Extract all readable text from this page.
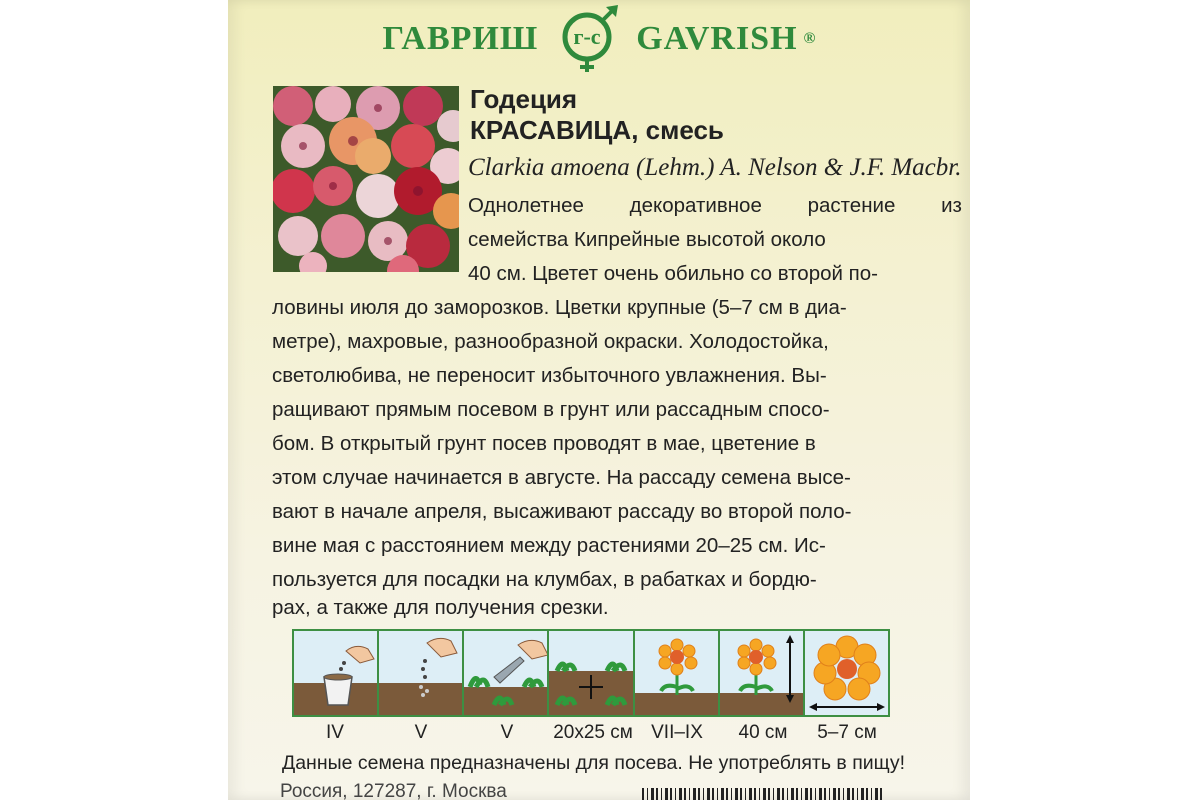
ГАВРИШ г-с GAVRISH ®
Годеция
КРАСАВИЦА, смесь
Clarkia amoena (Lehm.) A. Nelson & J.F. Macbr.
Однолетнее декоративное растение из
семейства Кипрейные высотой около
40 см. Цветет очень обильно со второй по-
ловины июля до заморозков. Цветки крупные (5–7 см в диа-
метре), махровые, разнообразной окраски. Холодостойка,
светолюбива, не переносит избыточного увлажнения. Вы-
ращивают прямым посевом в грунт или рассадным спосо-
бом. В открытый грунт посев проводят в мае, цветение в
этом случае начинается в августе. На рассаду семена высе-
вают в начале апреля, высаживают рассаду во второй поло-
вине мая с расстоянием между растениями 20–25 см. Ис-
пользуется для посадки на клумбах, в рабатках и бордю-
рах, а также для получения срезки.
IV	V	V	20x25 см VII–IX	40 см	5–7 см
Данные семена предназначены для посева. Не употреблять в пищу!
Россия, 127287, г. Москва
